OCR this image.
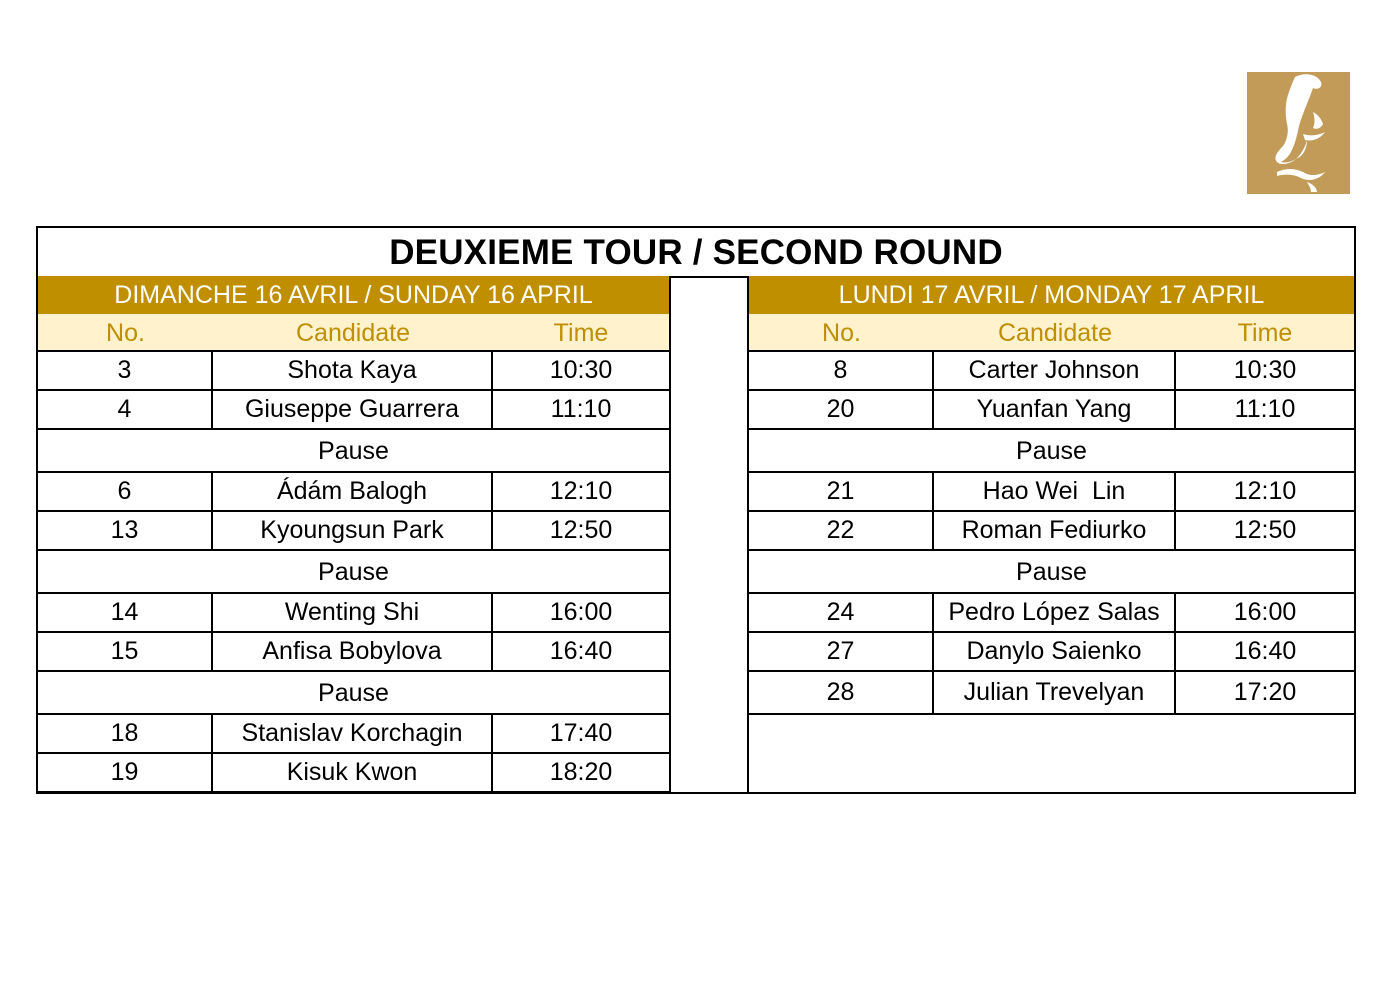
DEUXIEME TOUR / SECOND ROUND
DIMANCHE 16 AVRIL / SUNDAY 16 APRIL
No.	Candidate	Time
3	Shota Kaya	10:30
4	Giuseppe Guarrera	11:10
Pause
6	Ádám Balogh	12:10
13	Kyoungsun Park	12:50
Pause
14	Wenting Shi	16:00
15	Anfisa Bobylova	16:40
Pause
18	Stanislav Korchagin	17:40
19	Kisuk Kwon	18:20
LUNDI 17 AVRIL / MONDAY 17 APRIL
No.	Candidate	Time
8	Carter Johnson	10:30
20	Yuanfan Yang	11:10
Pause
21	Hao Wei  Lin	12:10
22	Roman Fediurko	12:50
Pause
24	Pedro López Salas	16:00
27	Danylo Saienko	16:40
28	Julian Trevelyan	17:20
